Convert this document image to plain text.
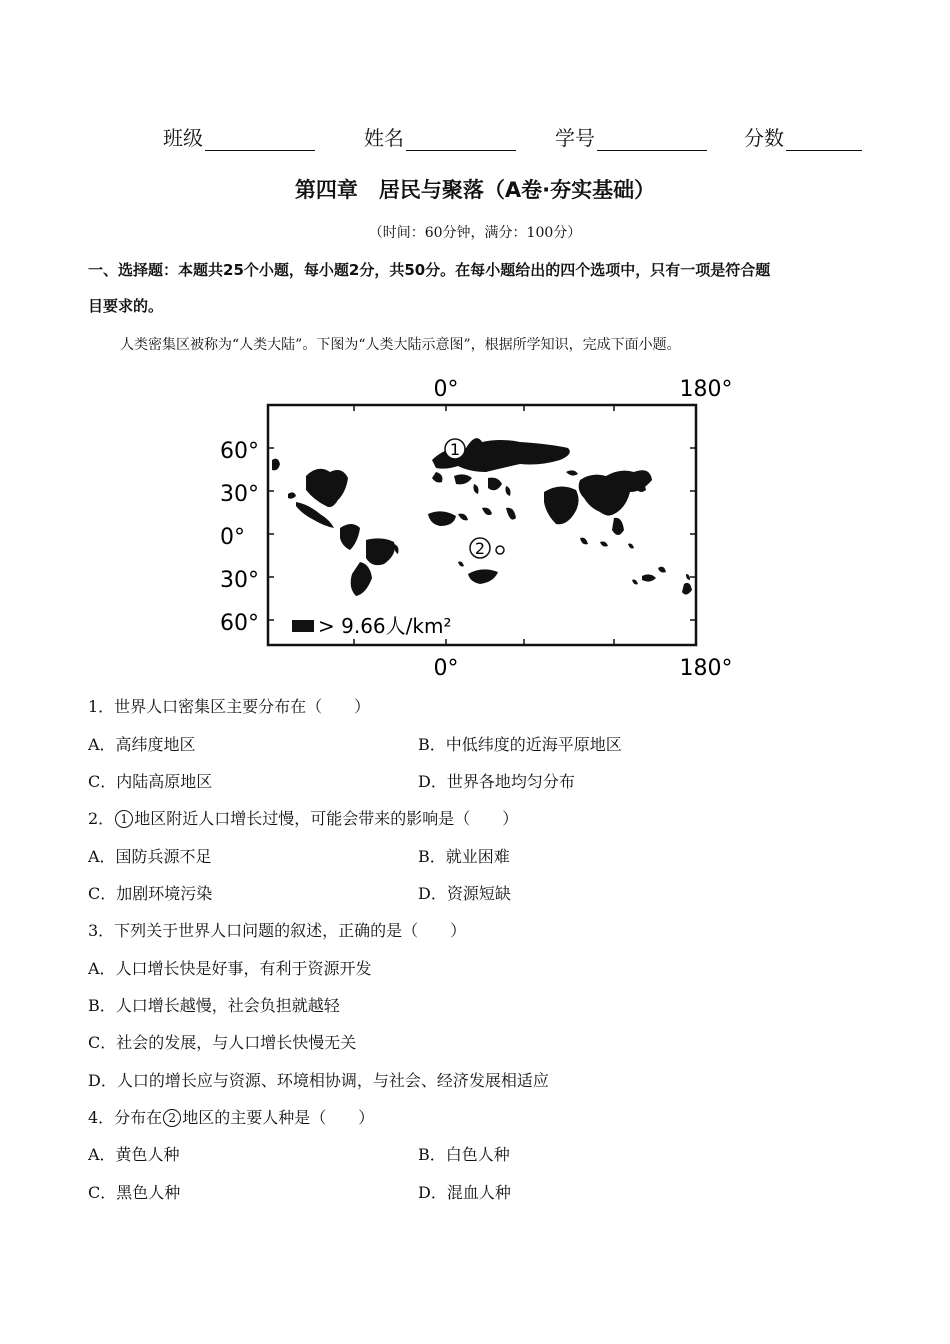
班级	姓名	学号	分数
第四章　居民与聚落（A卷·夯实基础）
（时间：60分钟，满分：100分）
一、选择题：本题共25个小题，每小题2分，共50分。在每小题给出的四个选项中，只有一项是符合题
目要求的。
人类密集区被称为“人类大陆”。下图为“人类大陆示意图”，根据所学知识，完成下面小题。
0°	180°
0°	180°
60°
30°
0°
30°
60°
1
2
> 9.66人/km²
1．世界人口密集区主要分布在（　　）
A．高纬度地区	B．中低纬度的近海平原地区
C．内陆高原地区	D．世界各地均匀分布
2． 1 地区附近人口增长过慢，可能会带来的影响是（　　）
A．国防兵源不足	B．就业困难
C．加剧环境污染	D．资源短缺
3．下列关于世界人口问题的叙述，正确的是（　　）
A．人口增长快是好事，有利于资源开发
B．人口增长越慢，社会负担就越轻
C．社会的发展，与人口增长快慢无关
D．人口的增长应与资源、环境相协调，与社会、经济发展相适应
4．分布在 2 地区的主要人种是（　　）
A．黄色人种	B．白色人种
C．黑色人种	D．混血人种
